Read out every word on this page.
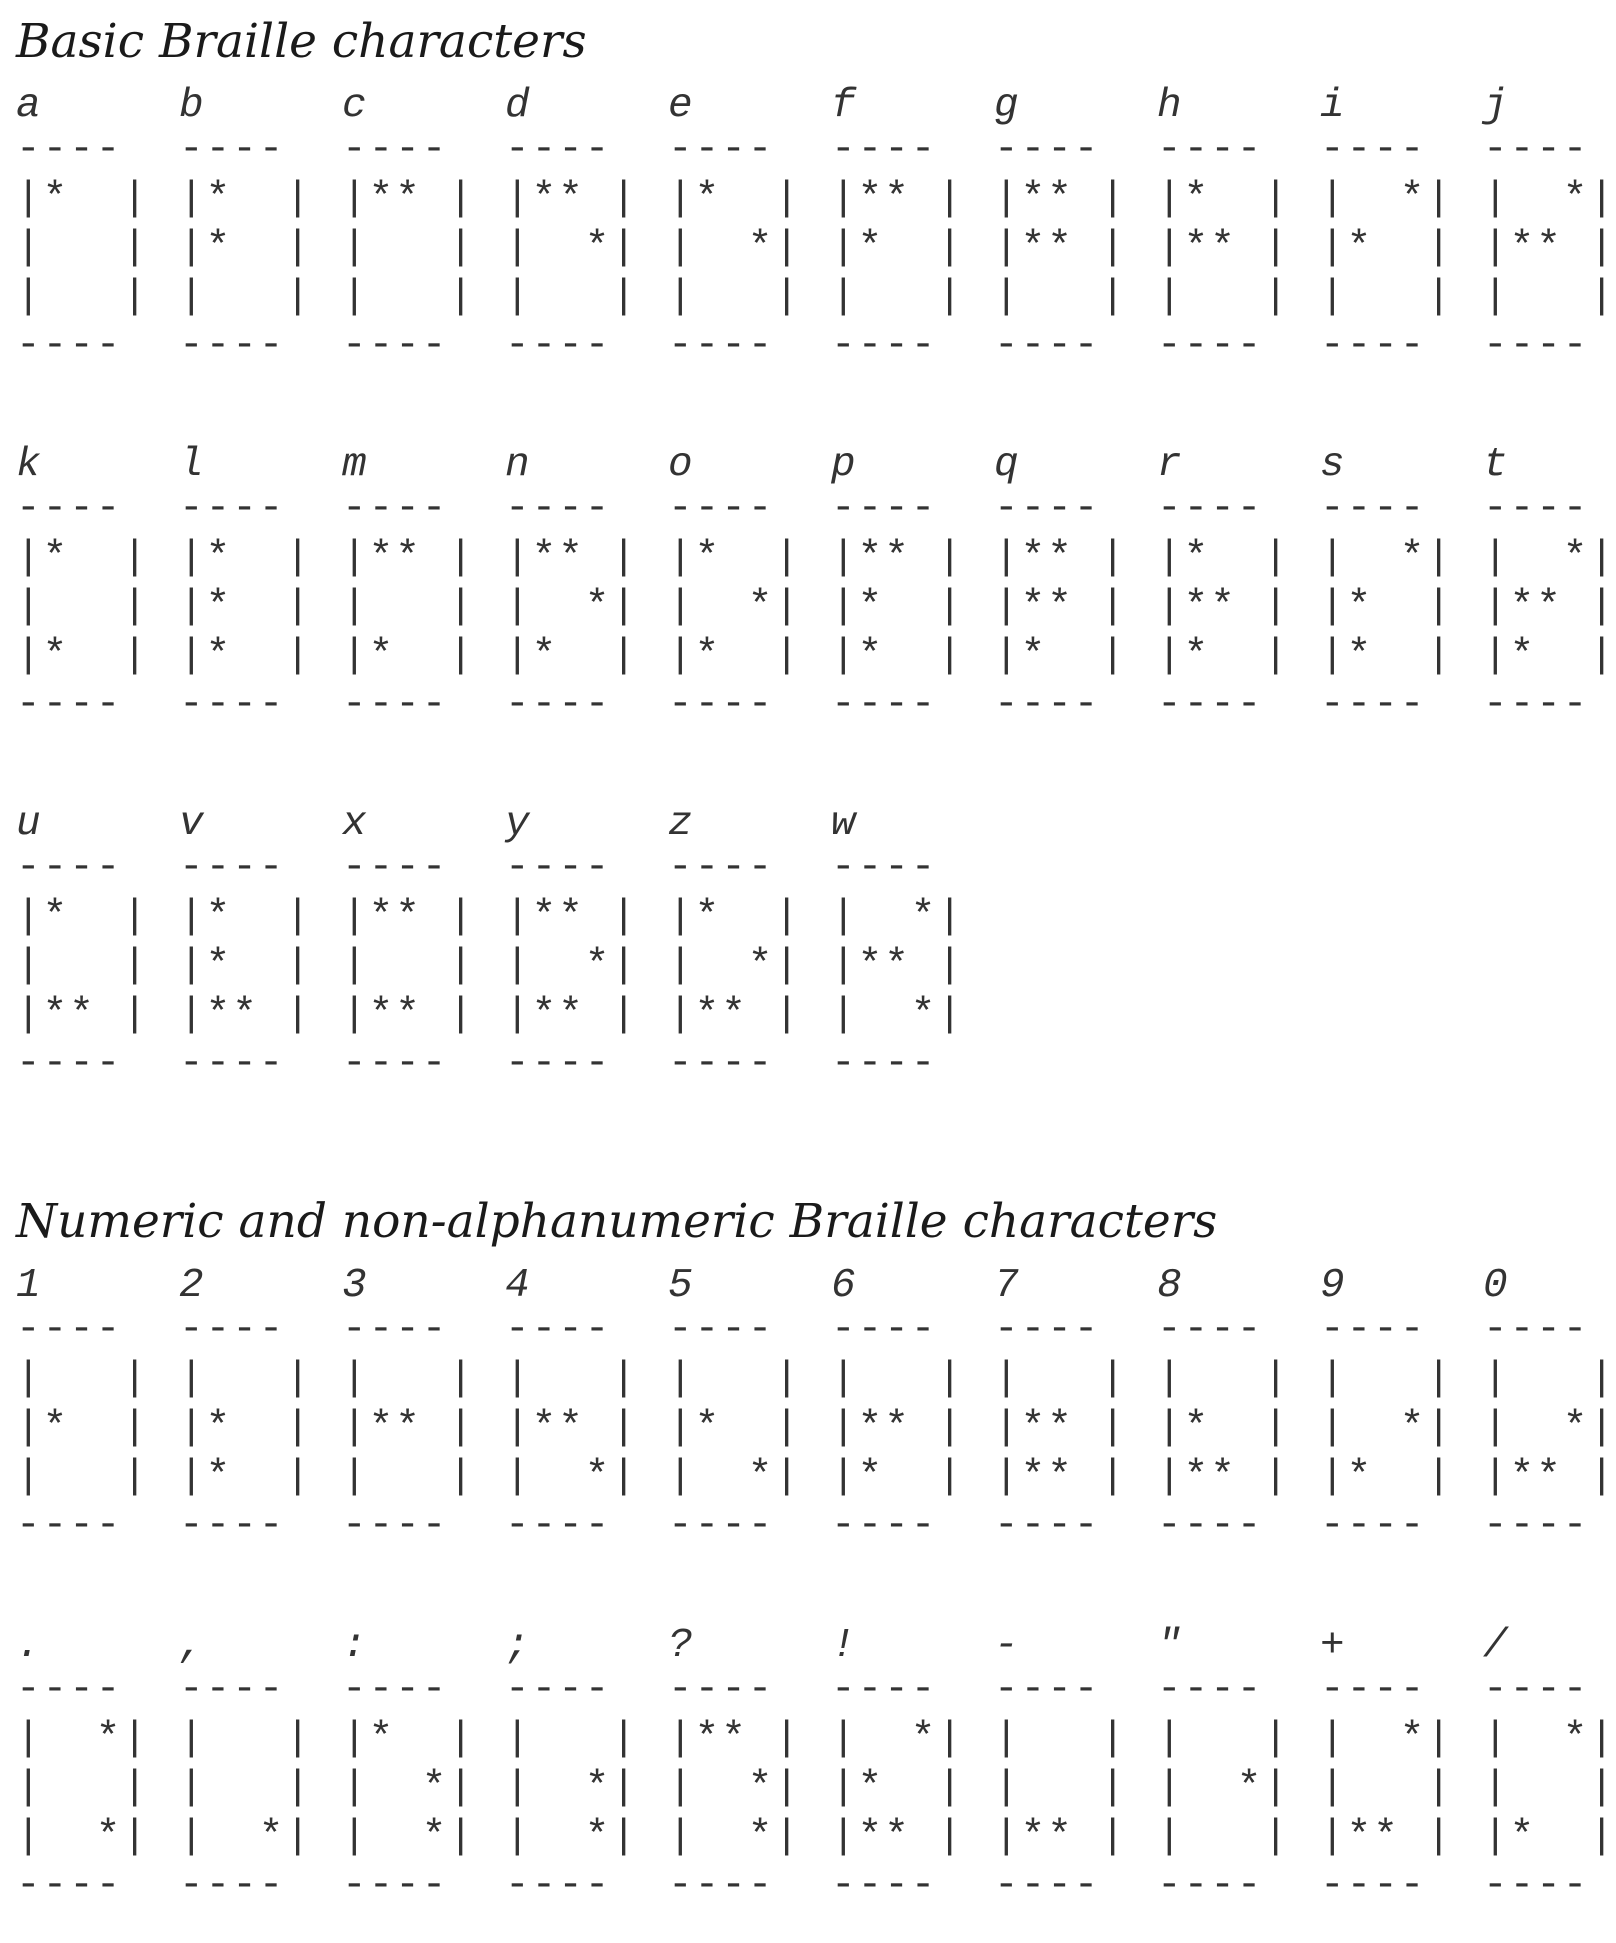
Basic Braille characters
a
----
|*  |
|   |
|   |
----
b
----
|*  |
|*  |
|   |
----
c
----
|** |
|   |
|   |
----
d
----
|** |
|  *|
|   |
----
e
----
|*  |
|  *|
|   |
----
f
----
|** |
|*  |
|   |
----
g
----
|** |
|** |
|   |
----
h
----
|*  |
|** |
|   |
----
i
----
|  *|
|*  |
|   |
----
j
----
|  *|
|** |
|   |
----
k
----
|*  |
|   |
|*  |
----
l
----
|*  |
|*  |
|*  |
----
m
----
|** |
|   |
|*  |
----
n
----
|** |
|  *|
|*  |
----
o
----
|*  |
|  *|
|*  |
----
p
----
|** |
|*  |
|*  |
----
q
----
|** |
|** |
|*  |
----
r
----
|*  |
|** |
|*  |
----
s
----
|  *|
|*  |
|*  |
----
t
----
|  *|
|** |
|*  |
----
u
----
|*  |
|   |
|** |
----
v
----
|*  |
|*  |
|** |
----
x
----
|** |
|   |
|** |
----
y
----
|** |
|  *|
|** |
----
z
----
|*  |
|  *|
|** |
----
w
----
|  *|
|** |
|  *|
----
Numeric and non-alphanumeric Braille characters
1
----
|   |
|*  |
|   |
----
2
----
|   |
|*  |
|*  |
----
3
----
|   |
|** |
|   |
----
4
----
|   |
|** |
|  *|
----
5
----
|   |
|*  |
|  *|
----
6
----
|   |
|** |
|*  |
----
7
----
|   |
|** |
|** |
----
8
----
|   |
|*  |
|** |
----
9
----
|   |
|  *|
|*  |
----
0
----
|   |
|  *|
|** |
----
.
----
|  *|
|   |
|  *|
----
,
----
|   |
|   |
|  *|
----
:
----
|*  |
|  *|
|  *|
----
;
----
|   |
|  *|
|  *|
----
?
----
|** |
|  *|
|  *|
----
!
----
|  *|
|*  |
|** |
----
-
----
|   |
|   |
|** |
----
"
----
|   |
|  *|
|   |
----
+
----
|  *|
|   |
|** |
----
/
----
|  *|
|   |
|*  |
----
